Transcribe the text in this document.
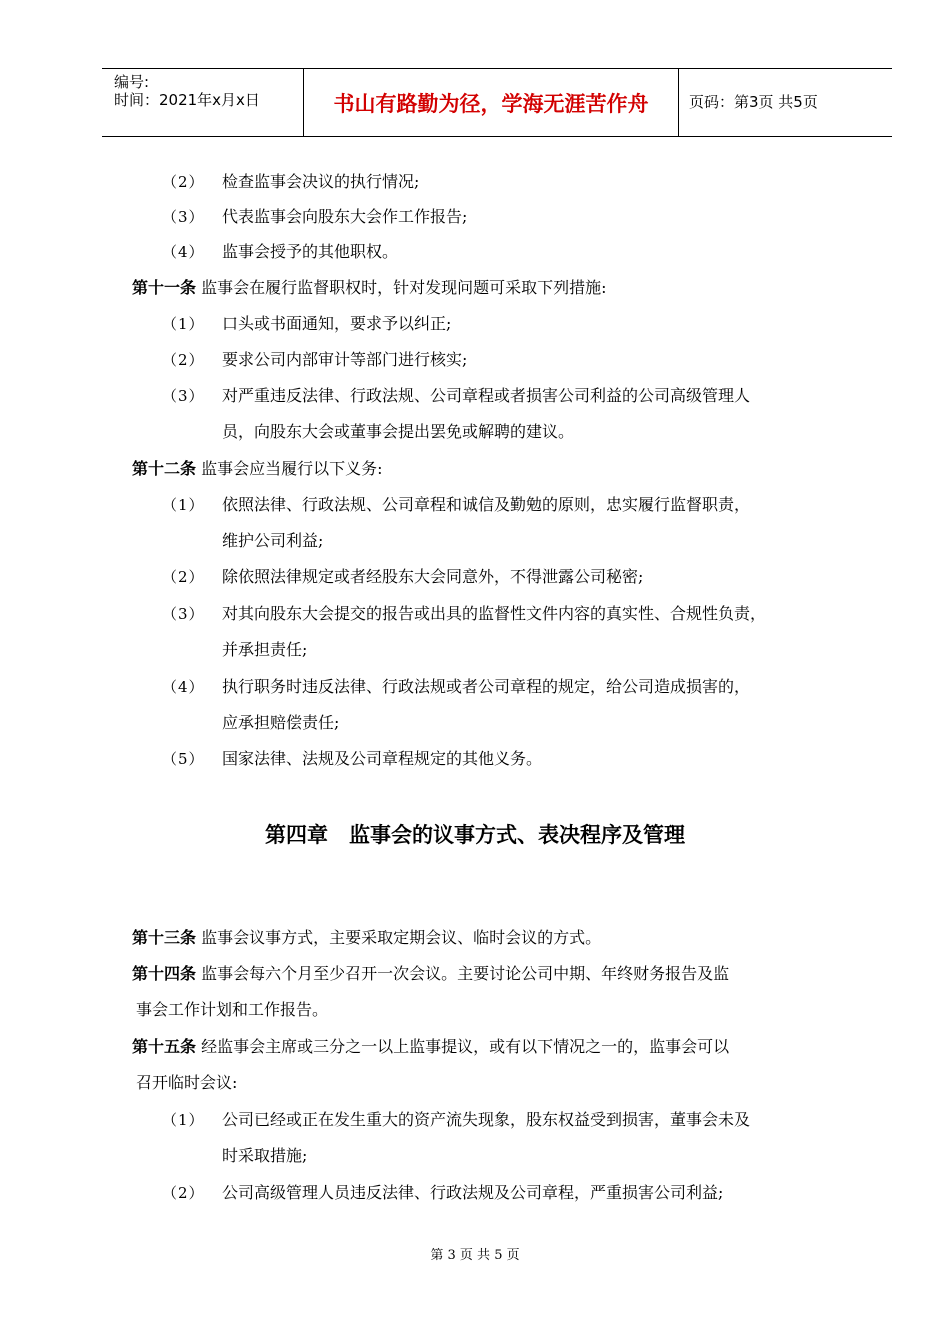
编号:
时间：2021年x月x日	书山有路勤为径，学海无涯苦作舟	页码：第3页 共5页
（2） 检查监事会决议的执行情况;
（3） 代表监事会向股东大会作工作报告;
（4） 监事会授予的其他职权。
第十一条 监事会在履行监督职权时，针对发现问题可采取下列措施:
（1） 口头或书面通知，要求予以纠正;
（2） 要求公司内部审计等部门进行核实;
（3） 对严重违反法律、行政法规、公司章程或者损害公司利益的公司高级管理人
员，向股东大会或董事会提出罢免或解聘的建议。
第十二条 监事会应当履行以下义务:
（1） 依照法律、行政法规、公司章程和诚信及勤勉的原则，忠实履行监督职责，
维护公司利益;
（2） 除依照法律规定或者经股东大会同意外，不得泄露公司秘密;
（3） 对其向股东大会提交的报告或出具的监督性文件内容的真实性、合规性负责，
并承担责任;
（4） 执行职务时违反法律、行政法规或者公司章程的规定，给公司造成损害的，
应承担赔偿责任;
（5） 国家法律、法规及公司章程规定的其他义务。
第四章　监事会的议事方式、表决程序及管理
第十三条 监事会议事方式，主要采取定期会议、临时会议的方式。
第十四条 监事会每六个月至少召开一次会议。主要讨论公司中期、年终财务报告及监
事会工作计划和工作报告。
第十五条 经监事会主席或三分之一以上监事提议，或有以下情况之一的，监事会可以
召开临时会议:
（1） 公司已经或正在发生重大的资产流失现象，股东权益受到损害，董事会未及
时采取措施;
（2） 公司高级管理人员违反法律、行政法规及公司章程，严重损害公司利益;
第 3 页 共 5 页
